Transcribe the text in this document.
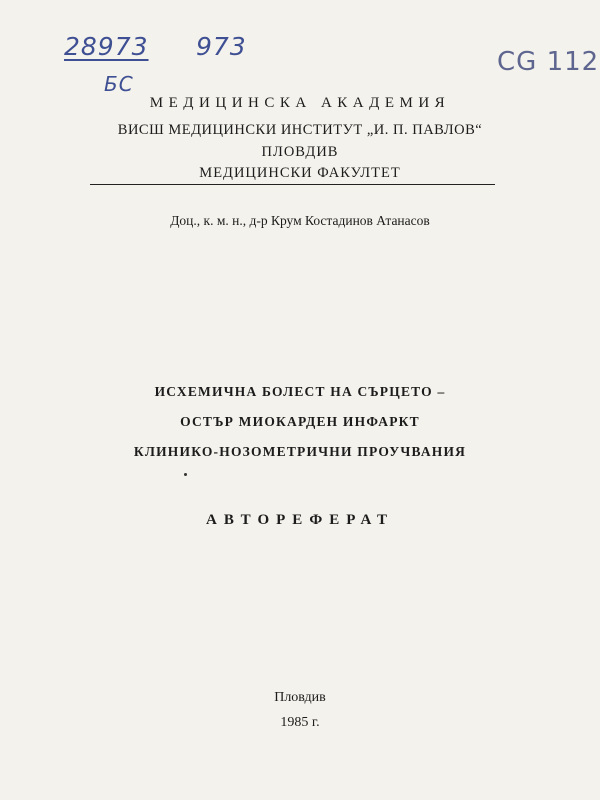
28973 973
CG 112
БС
МЕДИЦИНСКА АКАДЕМИЯ
ВИСШ МЕДИЦИНСКИ ИНСТИТУТ „И. П. ПАВЛОВ“
ПЛОВДИВ
МЕДИЦИНСКИ ФАКУЛТЕТ
Доц., к. м. н., д-р Крум Костадинов Атанасов
ИСХЕМИЧНА БОЛЕСТ НА СЪРЦЕТО –
ОСТЪР МИОКАРДЕН ИНФАРКТ
КЛИНИКО-НОЗОМЕТРИЧНИ ПРОУЧВАНИЯ
АВТОРЕФЕРАТ
Пловдив
1985 г.
